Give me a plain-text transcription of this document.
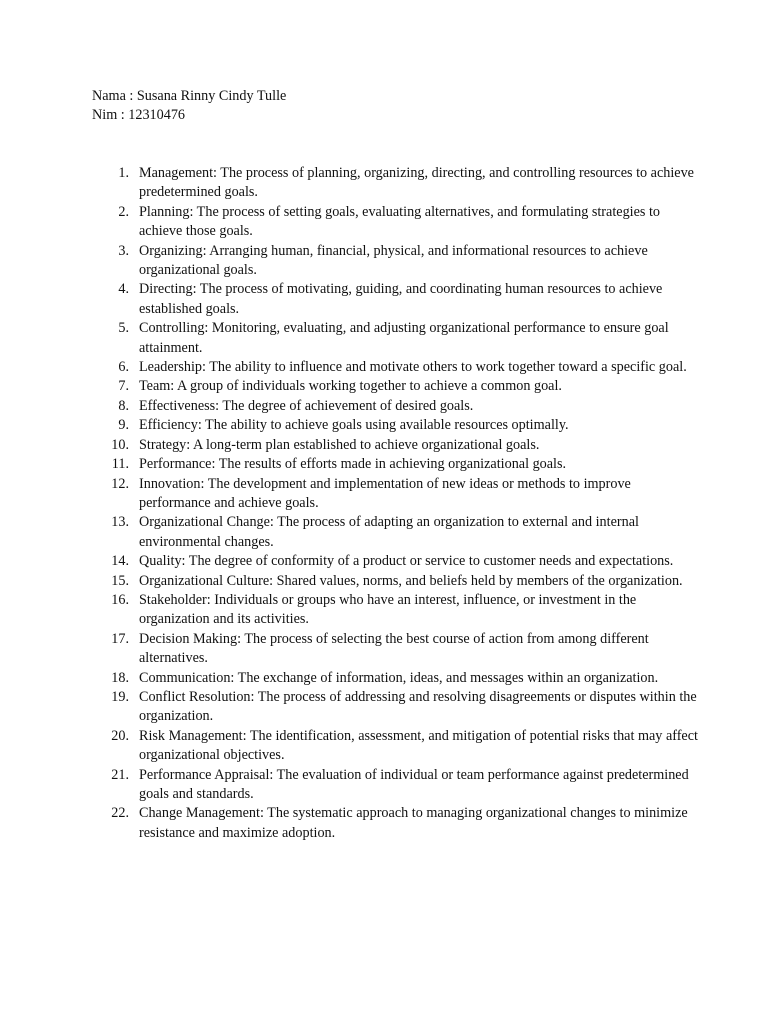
Nama : Susana Rinny Cindy Tulle
Nim : 12310476
1. Management: The process of planning, organizing, directing, and controlling resources to achieve predetermined goals.
2. Planning: The process of setting goals, evaluating alternatives, and formulating strategies to achieve those goals.
3. Organizing: Arranging human, financial, physical, and informational resources to achieve organizational goals.
4. Directing: The process of motivating, guiding, and coordinating human resources to achieve established goals.
5. Controlling: Monitoring, evaluating, and adjusting organizational performance to ensure goal attainment.
6. Leadership: The ability to influence and motivate others to work together toward a specific goal.
7. Team: A group of individuals working together to achieve a common goal.
8. Effectiveness: The degree of achievement of desired goals.
9. Efficiency: The ability to achieve goals using available resources optimally.
10. Strategy: A long-term plan established to achieve organizational goals.
11. Performance: The results of efforts made in achieving organizational goals.
12. Innovation: The development and implementation of new ideas or methods to improve performance and achieve goals.
13. Organizational Change: The process of adapting an organization to external and internal environmental changes.
14. Quality: The degree of conformity of a product or service to customer needs and expectations.
15. Organizational Culture: Shared values, norms, and beliefs held by members of the organization.
16. Stakeholder: Individuals or groups who have an interest, influence, or investment in the organization and its activities.
17. Decision Making: The process of selecting the best course of action from among different alternatives.
18. Communication: The exchange of information, ideas, and messages within an organization.
19. Conflict Resolution: The process of addressing and resolving disagreements or disputes within the organization.
20. Risk Management: The identification, assessment, and mitigation of potential risks that may affect organizational objectives.
21. Performance Appraisal: The evaluation of individual or team performance against predetermined goals and standards.
22. Change Management: The systematic approach to managing organizational changes to minimize resistance and maximize adoption.
